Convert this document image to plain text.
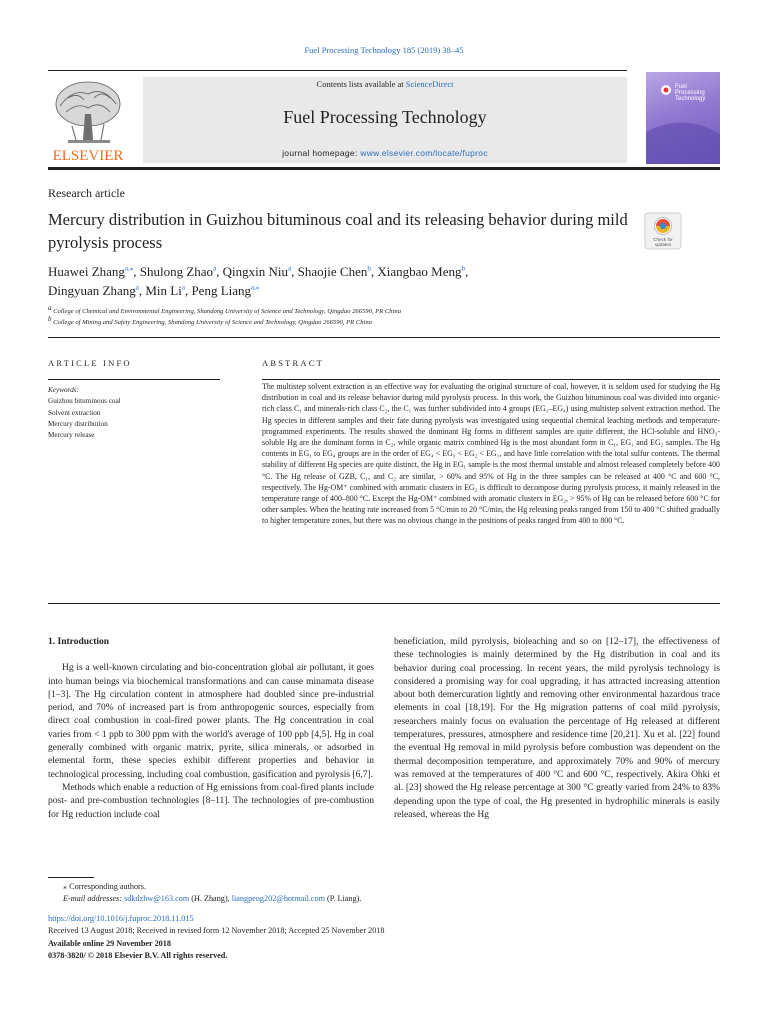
Fuel Processing Technology 185 (2019) 38–45
ELSEVIER
Contents lists available at ScienceDirect
Fuel Processing Technology
journal homepage: www.elsevier.com/locate/fuproc
Fuel
Processing
Technology
Research article
Mercury distribution in Guizhou bituminous coal and its releasing behavior during mild pyrolysis process	Check for
updates
Huawei Zhang$^{a,⁎}$, Shulong Zhao$^a$, Qingxin Niu$^a$, Shaojie Chen$^b$, Xiangbao Meng$^b$,
Dingyuan Zhang$^a$, Min Li$^a$, Peng Liang$^{a,⁎}$
$^a$ College of Chemical and Environmental Engineering, Shandong University of Science and Technology, Qingdao 266590, PR China
$^b$ College of Mining and Safety Engineering, Shandong University of Science and Technology, Qingdao 266590, PR China
ARTICLE INFO	ABSTRACT
Keywords:
Guizhou bituminous coal
Solvent extraction
Mercury distribution
Mercury release
The multistep solvent extraction is an effective way for evaluating the original structure of coal, however, it is seldom used for studying the Hg distribution in coal and its release behavior during mild pyrolysis process. In this work, the Guizhou bituminous coal was divided into organic-rich class C₁ and minerals-rich class C₂, the C₁ was further subdivided into 4 groups (EG₁–EG₄) using multistep solvent extraction method. The Hg species in different samples and their fate during pyrolysis was investigated using sequential chemical leaching methods and temperature-programmed experiments. The results showed the dominant Hg forms in different samples are quite different, the HCl-soluble and HNO₃-soluble Hg are the dominant forms in C₂, while organic matrix combined Hg is the most abundant form in C₁, EG₁ and EG₂ samples. The Hg contents in EG₁ to EG₄ groups are in the order of EG₄ < EG₃ < EG₂ < EG₁, and have little correlation with the total sulfur contents. The thermal stability of different Hg species are quite distinct, the Hg in EG₁ sample is the most thermal unstable and almost released completely before 400 °C. The Hg release of GZB, C₁, and C₂ are similar, > 60% and 95% of Hg in the three samples can be released at 400 °C and 600 °C, respectively. The Hg-OM⁺ combined with aromatic clusters in EG₂ is difficult to decompose during pyrolysis process, it mainly released in the temperature range of 400–800 °C. Except the Hg-OM⁺ combined with aromatic clusters in EG₂, > 95% of Hg can be released before 600 °C for other samples. When the heating rate increased from 5 °C/min to 20 °C/min, the Hg releasing peaks ranged from 150 to 400 °C shifted gradually to higher temperature zones, but there was no obvious change in the positions of peaks ranged from 400 to 800 °C.
1. Introduction

Hg is a well-known circulating and bio-concentration global air pollutant, it goes into human beings via biochemical transformations and can cause minamata disease [1–3]. The Hg circulation content in atmosphere had doubled since pre-industrial period, and 70% of increased part is from anthropogenic sources, especially from direct coal combustion in coal-fired power plants. The Hg concentration in coal varies from < 1 ppb to 300 ppm with the world's average of 100 ppb [4,5]. Hg in coal generally combined with organic matrix, pyrite, silica minerals, or adsorbed in elemental form, these species exhibit different properties and behavior in technological processing, including coal combustion, gasification and pyrolysis [6,7].

Methods which enable a reduction of Hg emissions from coal-fired plants include post- and pre-combustion technologies [8–11]. The technologies of pre-combustion for Hg reduction include coal

beneficiation, mild pyrolysis, bioleaching and so on [12–17], the effectiveness of these technologies is mainly determined by the Hg distribution in coal and its behavior during coal processing. In recent years, the mild pyrolysis technology is considered a promising way for coal upgrading, it has attracted increasing attention about both demercuration lightly and removing other environmental hazardous trace elements in coal [18,19]. For the Hg migration patterns of coal mild pyrolysis, researchers mainly focus on evaluation the percentage of Hg released at different temperatures, pressures, atmosphere and residence time [20,21]. Xu et al. [22] found the eventual Hg removal in mild pyrolysis before combustion was dependent on the thermal decomposition temperature, and approximately 70% and 90% of mercury was removed at the temperatures of 400 °C and 600 °C, respectively. Akira Ohki et al. [23] showed the Hg release percentage at 300 °C greatly varied from 24% to 83% depending upon the type of coal, the Hg presented in hydrophilic minerals is easily released, whereas the Hg

⁎ Corresponding authors.
E-mail addresses: sdkdzhw@163.com (H. Zhang), liangpeng202@hotmail.com (P. Liang).
https://doi.org/10.1016/j.fuproc.2018.11.015
Received 13 August 2018; Received in revised form 12 November 2018; Accepted 25 November 2018
Available online 29 November 2018
0378-3820/ © 2018 Elsevier B.V. All rights reserved.
